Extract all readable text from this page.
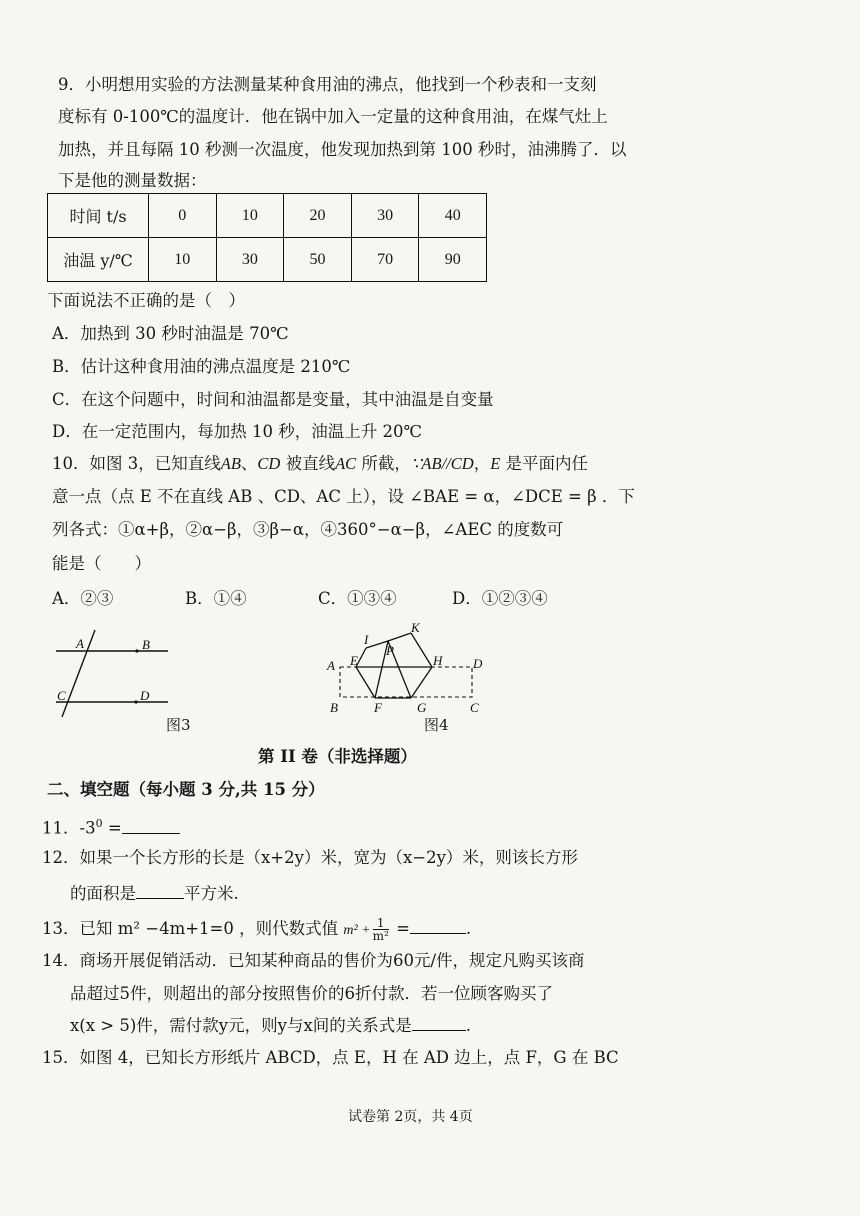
9．小明想用实验的方法测量某种食用油的沸点，他找到一个秒表和一支刻
度标有 0-100℃的温度计．他在锅中加入一定量的这种食用油，在煤气灶上
加热，并且每隔 10 秒测一次温度，他发现加热到第 100 秒时，油沸腾了．以
下是他的测量数据：
时间 t/s	0	10	20	30	40
油温 y/℃	10	30	50	70	90
下面说法不正确的是（　）
A．加热到 30 秒时油温是 70℃
B．估计这种食用油的沸点温度是 210℃
C．在这个问题中，时间和油温都是变量，其中油温是自变量
D．在一定范围内，每加热 10 秒，油温上升 20℃
10．如图 3，已知直线AB、CD 被直线AC 所截，∵AB//CD，E 是平面内任
意一点（点 E 不在直线 AB 、CD、AC 上），设 ∠BAE = α，∠DCE = β ．下
列各式：①α+β，②α−β，③β−α，④360°−α−β，∠AEC 的度数可
能是（　　）
A．②③	B．①④	C．①③④	D．①②③④
A	B
C	D
图3
I
K
P
A E	H D
B	F	G	C
图4
第 II 卷（非选择题）
二、填空题（每小题 3 分,共 15 分）
11．$-3^0$ =
12．如果一个长方形的长是（x+2y）米，宽为（x−2y）米，则该长方形
的面积是	平方米.
13．已知 m² −4m+1=0 ，则代数式值 $m^2 + \frac{1}{\text{m²}}$ =	.
14．商场开展促销活动．已知某种商品的售价为60元/件，规定凡购买该商
品超过5件，则超出的部分按照售价的6折付款．若一位顾客购买了
x(x > 5)件，需付款y元，则y与x间的关系式是	.
15．如图 4，已知长方形纸片 ABCD，点 E，H 在 AD 边上，点 F，G 在 BC
试卷第 2页，共 4页
